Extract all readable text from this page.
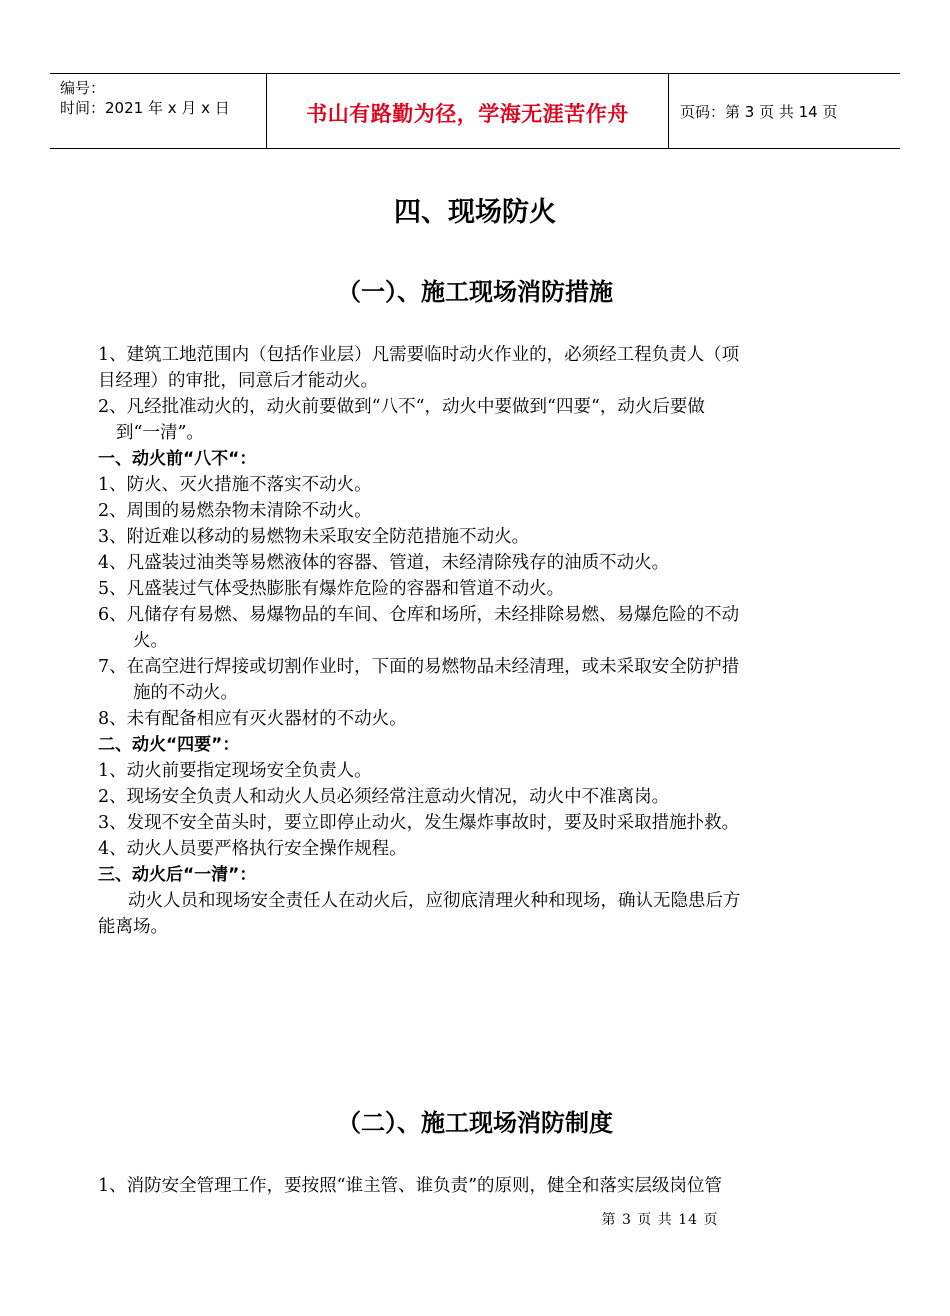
编号：
时间：2021 年 x 月 x 日	书山有路勤为径，学海无涯苦作舟	页码：第 3 页 共 14 页
四、现场防火
（一）、施工现场消防措施
1、建筑工地范围内（包括作业层）凡需要临时动火作业的，必须经工程负责人（项
目经理）的审批，同意后才能动火。
2、凡经批准动火的，动火前要做到“八不“，动火中要做到“四要“，动火后要做
到“一清”。
一、动火前“八不“：
1、防火、灭火措施不落实不动火。
2、周围的易燃杂物未清除不动火。
3、附近难以移动的易燃物未采取安全防范措施不动火。
4、凡盛装过油类等易燃液体的容器、管道，未经清除残存的油质不动火。
5、凡盛装过气体受热膨胀有爆炸危险的容器和管道不动火。
6、凡储存有易燃、易爆物品的车间、仓库和场所，未经排除易燃、易爆危险的不动
火。
7、在高空进行焊接或切割作业时，下面的易燃物品未经清理，或未采取安全防护措
施的不动火。
8、未有配备相应有灭火器材的不动火。
二、动火“四要”：
1、动火前要指定现场安全负责人。
2、现场安全负责人和动火人员必须经常注意动火情况，动火中不准离岗。
3、发现不安全苗头时，要立即停止动火，发生爆炸事故时，要及时采取措施扑救。
4、动火人员要严格执行安全操作规程。
三、动火后“一清”：
动火人员和现场安全责任人在动火后，应彻底清理火种和现场，确认无隐患后方
能离场。
（二）、施工现场消防制度
1、消防安全管理工作，要按照“谁主管、谁负责”的原则，健全和落实层级岗位管
第 3 页 共 14 页
